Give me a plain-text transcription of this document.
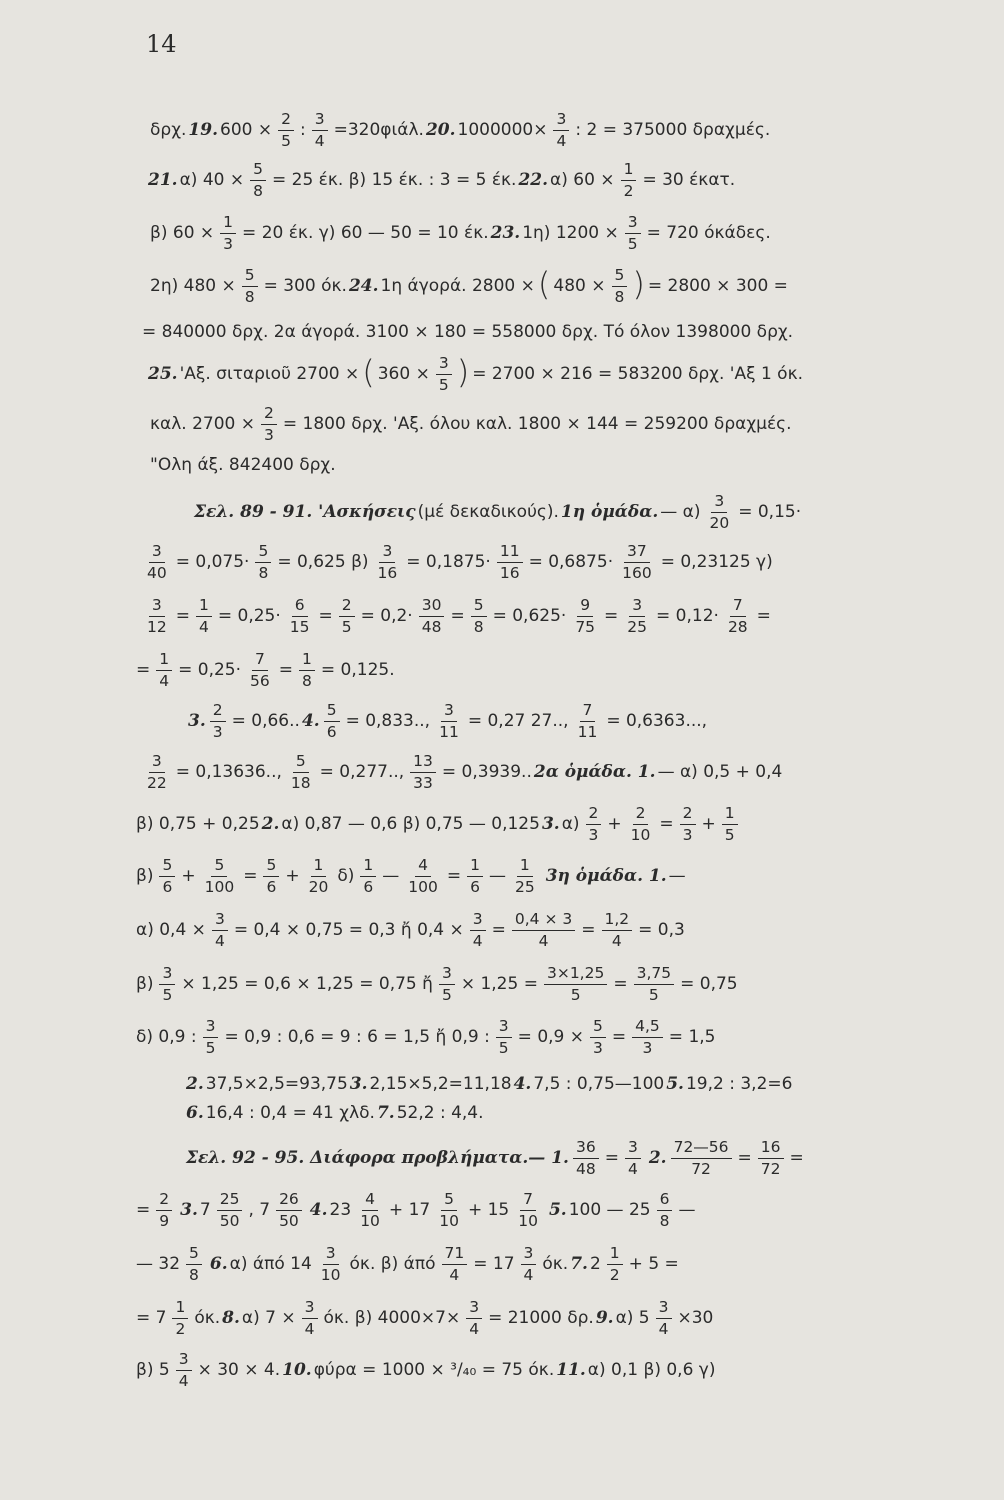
14
δρχ. 19. $600 \times \frac{2}{5}$ : $\frac{3}{4} =320\varphi\iota ά\lambda$. 20. $1000000\times \frac{3}{4}$ : 2 = 375000 δραχμές.
21. α) $40 \times \frac{5}{8} = 25$ έκ. β) 15 έκ. : 3 = 5 έκ. 22. α) $60 \times \frac{1}{2} = 30$ έκατ.
β) $60 \times \frac{1}{3} = 20$ έκ. γ) 60 — 50 = 10 έκ. 23. 1η) $1200 \times \frac{3}{5} = 720$ όκάδες.
2η) $480 \times \frac{5}{8} = 300$ όκ. 24. 1η άγορά. 2800 × ( $480 \times \frac{5}{8}$ ) = 2800 × 300 =
= 840000 δρχ. 2α άγορά. 3100 × 180 = 558000 δρχ. Τό όλον 1398000 δρχ.
25. 'Αξ. σιταριοῦ 2700 × ( $360 \times \frac{3}{5}$ ) = 2700 × 216 = 583200 δρχ. 'Αξ 1 όκ.
καλ. $2700 \times \frac{2}{3} = 1800$ δρχ. 'Αξ. όλου καλ. 1800 × 144 = 259200 δραχμές.
"Ολη άξ. 842400 δρχ.
Σελ. 89 - 91. 'Ασκήσεις (μέ δεκαδικούς). 1η ὁμάδα. — $\alpha) \frac{3}{20} = 0,15\cdot$
$\frac{3}{40} = 0,075\cdot \frac{5}{8} = 0,625$ $\beta) \frac{3}{16} = 0,1875\cdot \frac{11}{16} = 0,6875\cdot \frac{37}{160} = 0,23125$ γ)
$\frac{3}{12} = \frac{1}{4} = 0,25\cdot \frac{6}{15} = \frac{2}{5} = 0,2\cdot \frac{30}{48} = \frac{5}{8} = 0,625\cdot \frac{9}{75} = \frac{3}{25} = 0,12\cdot \frac{7}{28}$ =
= $\frac{1}{4} = 0,25\cdot \frac{7}{56} = \frac{1}{8} = 0,125$.
3. $\frac{2}{3} = 0,66$.. 4. $\frac{5}{6} = 0,833$.., $\frac{3}{11} = 0,27$ 27.., $\frac{7}{11} = 0,6363$...,
$\frac{3}{22} = 0,13636$.., $\frac{5}{18} = 0,277$.., $\frac{13}{33} = 0,3939$.. 2α ὁμάδα. 1. — α) 0,5 + 0,4
β) 0,75 + 0,25 2. α) 0,87 — 0,6 β) 0,75 — 0,125 3. $\alpha) \frac{2}{3} + \frac{2}{10} = \frac{2}{3} + \frac{1}{5}$
$\beta) \frac{5}{6} + \frac{5}{100} = \frac{5}{6} + \frac{1}{20} \delta) \frac{1}{6}$ — $\frac{4}{100} = \frac{1}{6}$ — $\frac{1}{25} 3\eta$ ὁμάδα. 1. —
α) $0,4 \times \frac{3}{4} = 0,4 \times 0,75 = 0,3$ ἤ $0,4 \times \frac{3}{4} = \frac{0,4 \times 3}{4} = \frac{1,2}{4} = 0,3$
$\beta) \frac{3}{5} \times 1,25 = 0,6 \times 1,25 = 0,75$ ἤ $\frac{3}{5} \times 1,25 = \frac{3\times 1,25}{5} = \frac{3,75}{5} = 0,75$
δ) 0,9 : $\frac{3}{5} = 0,9$ : 0,6 = 9 : 6 = 1,5 ἤ 0,9 : $\frac{3}{5} = 0,9 \times \frac{5}{3} = \frac{4,5}{3} = 1,5$
2. 37,5×2,5=93,75 3. 2,15×5,2=11,18 4. 7,5 : 0,75—100 5. 19,2 : 3,2=6
6. 16,4 : 0,4 = 41 χλδ. 7. 52,2 : 4,4.
Σελ. 92 - 95. Διάφορα προβλήματα.— 1. $\frac{36}{48} = \frac{3}{4} 2$. $\frac{72—56}{72} = \frac{16}{72}$ =
= $\frac{2}{9} 3$. $7 \frac{25}{50}$ , $7 \frac{26}{50} 4$. $23 \frac{4}{10} + 17 \frac{5}{10} + 15 \frac{7}{10} 5$. 100 — $25 \frac{6}{8}$ —
— $32 \frac{5}{8} 6$. α) άπό $14 \frac{3}{10} ό\kappa$. β) άπό $\frac{71}{4} = 17 \frac{3}{4} ό\kappa$. 7. $2 \frac{1}{2} + 5$ =
= $7 \frac{1}{2} ό\kappa$. 8. α) $7 \times \frac{3}{4} ό\kappa$. β) $4000\times 7\times \frac{3}{4} = 21000$ δρ. 9. α) $5 \frac{3}{4} \times 30$
β) $5 \frac{3}{4} \times 30 \times 4$. 10. φύρα = 1000 × ³/₄₀ = 75 όκ. 11. α) 0,1 β) 0,6 γ)
